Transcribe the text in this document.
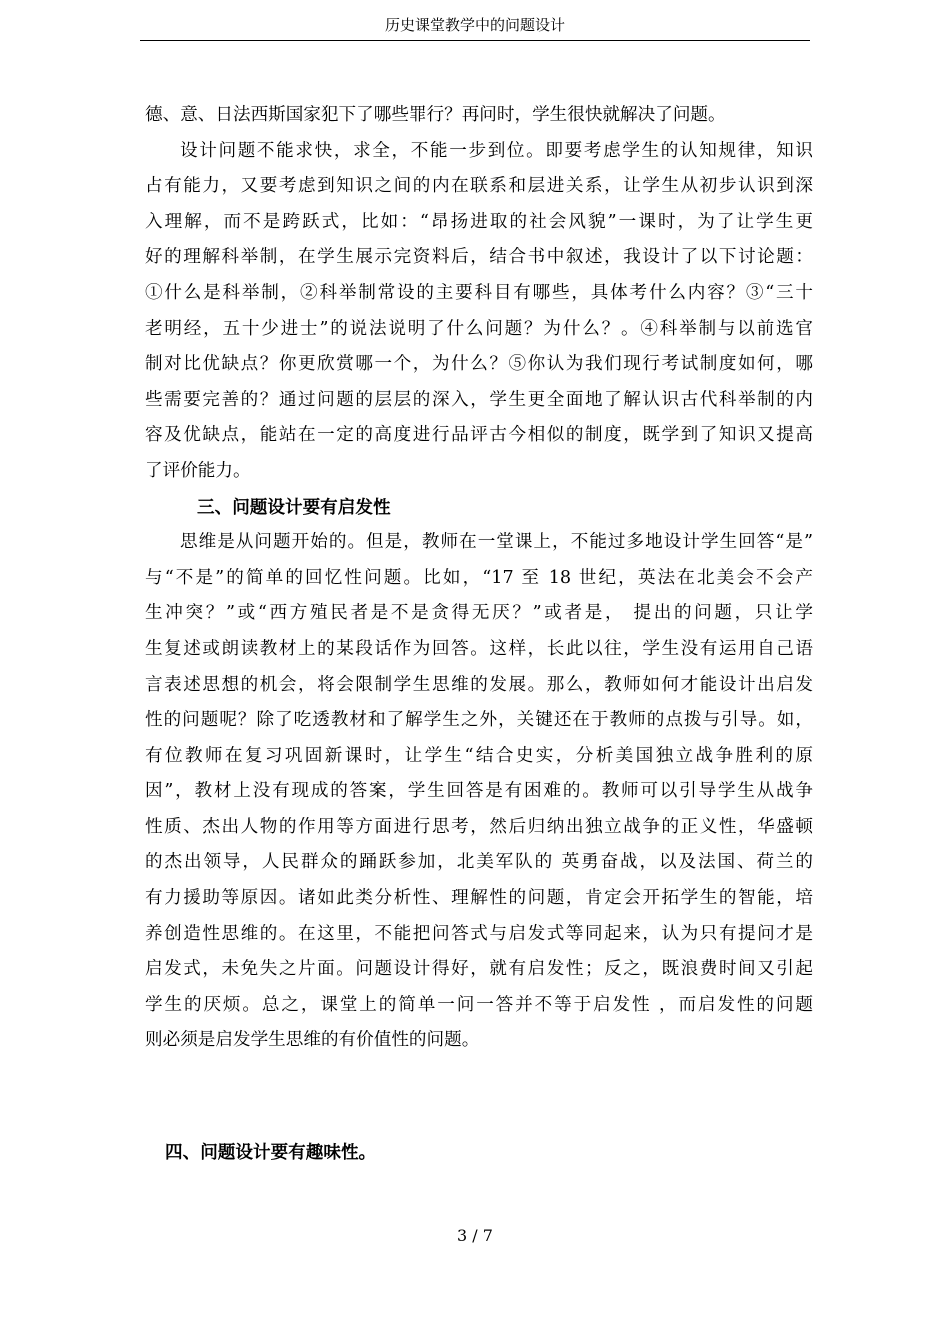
历史课堂教学中的问题设计
德、意、日法西斯国家犯下了哪些罪行？再问时，学生很快就解决了问题。
设计问题不能求快，求全，不能一步到位。即要考虑学生的认知规律，知识
占有能力，又要考虑到知识之间的内在联系和层进关系，让学生从初步认识到深
入理解，而不是跨跃式，比如：“昂扬进取的社会风貌”一课时，为了让学生更
好的理解科举制，在学生展示完资料后，结合书中叙述，我设计了以下讨论题：
①什么是科举制，②科举制常设的主要科目有哪些，具体考什么内容？③“三十
老明经，五十少进士”的说法说明了什么问题？为什么？。④科举制与以前选官
制对比优缺点？你更欣赏哪一个，为什么？⑤你认为我们现行考试制度如何，哪
些需要完善的？通过问题的层层的深入，学生更全面地了解认识古代科举制的内
容及优缺点，能站在一定的高度进行品评古今相似的制度，既学到了知识又提高
了评价能力。
三、问题设计要有启发性
思维是从问题开始的。但是，教师在一堂课上，不能过多地设计学生回答“是”
与“不是”的简单的回忆性问题。比如，“17 至 18 世纪，英法在北美会不会产
生冲突？”或“西方殖民者是不是贪得无厌？”或者是， 提出的问题，只让学
生复述或朗读教材上的某段话作为回答。这样，长此以往，学生没有运用自己语
言表述思想的机会，将会限制学生思维的发展。那么，教师如何才能设计出启发
性的问题呢？除了吃透教材和了解学生之外，关键还在于教师的点拨与引导。如，
有位教师在复习巩固新课时，让学生“结合史实，分析美国独立战争胜利的原
因”，教材上没有现成的答案，学生回答是有困难的。教师可以引导学生从战争
性质、杰出人物的作用等方面进行思考，然后归纳出独立战争的正义性，华盛顿
的杰出领导，人民群众的踊跃参加，北美军队的 英勇奋战，以及法国、荷兰的
有力援助等原因。诸如此类分析性、理解性的问题，肯定会开拓学生的智能，培
养创造性思维的。在这里，不能把问答式与启发式等同起来，认为只有提问才是
启发式，未免失之片面。问题设计得好，就有启发性；反之，既浪费时间又引起
学生的厌烦。总之，课堂上的简单一问一答并不等于启发性 ，而启发性的问题
则必须是启发学生思维的有价值性的问题。
四、问题设计要有趣味性。
3 / 7
